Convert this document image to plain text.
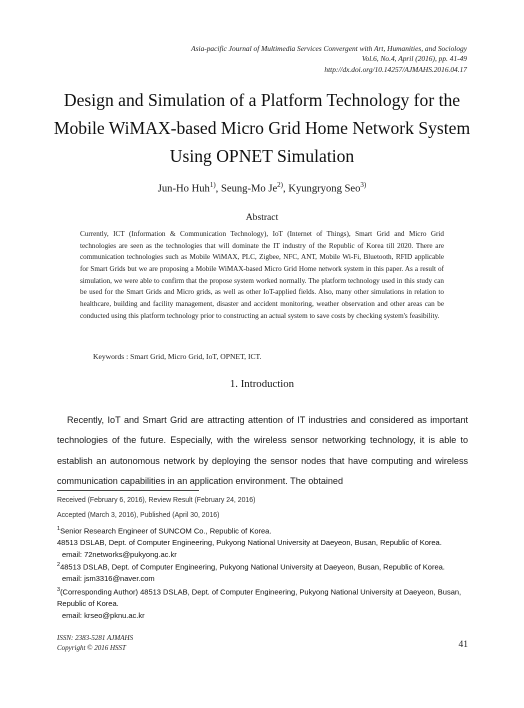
Asia-pacific Journal of Multimedia Services Convergent with Art, Humanities, and Sociology
Vol.6, No.4, April (2016), pp. 41-49
http://dx.doi.org/10.14257/AJMAHS.2016.04.17
Design and Simulation of a Platform Technology for the
Mobile WiMAX-based Micro Grid Home Network System
Using OPNET Simulation
Jun-Ho Huh$^{1)}$, Seung-Mo Je$^{2)}$, Kyungryong Seo$^{3)}$
Abstract
Currently, ICT (Information & Communication Technology), IoT (Internet of Things), Smart Grid and Micro Grid technologies are seen as the technologies that will dominate the IT industry of the Republic of Korea till 2020. There are communication technologies such as Mobile WiMAX, PLC, Zigbee, NFC, ANT, Mobile Wi-Fi, Bluetooth, RFID applicable for Smart Grids but we are proposing a Mobile WiMAX-based Micro Grid Home network system in this paper. As a result of simulation, we were able to confirm that the propose system worked normally. The platform technology used in this study can be used for the Smart Grids and Micro grids, as well as other IoT-applied fields. Also, many other simulations in relation to healthcare, building and facility management, disaster and accident monitoring, weather observation and other areas can be conducted using this platform technology prior to constructing an actual system to save costs by checking system's feasibility.
Keywords : Smart Grid, Micro Grid, IoT, OPNET, ICT.
1. Introduction
Recently, IoT and Smart Grid are attracting attention of IT industries and considered as important technologies of the future. Especially, with the wireless sensor networking technology, it is able to establish an autonomous network by deploying the sensor nodes that have computing and wireless communication capabilities in an application environment. The obtained
Received (February 6, 2016), Review Result (February 24, 2016)
Accepted (March 3, 2016), Published (April 30, 2016)

$^1$Senior Research Engineer of SUNCOM Co., Republic of Korea.

48513 DSLAB, Dept. of Computer Engineering, Pukyong National University at Daeyeon, Busan, Republic of Korea.

email: 72networks@pukyong.ac.kr

$^2$48513 DSLAB, Dept. of Computer Engineering, Pukyong National University at Daeyeon, Busan, Republic of Korea.

email: jsm3316@naver.com

$^3$(Corresponding Author) 48513 DSLAB, Dept. of Computer Engineering, Pukyong National University at Daeyeon, Busan, Republic of Korea.

email: krseo@pknu.ac.kr

ISSN: 2383-5281 AJMAHS
Copyright © 2016 HSST	41
